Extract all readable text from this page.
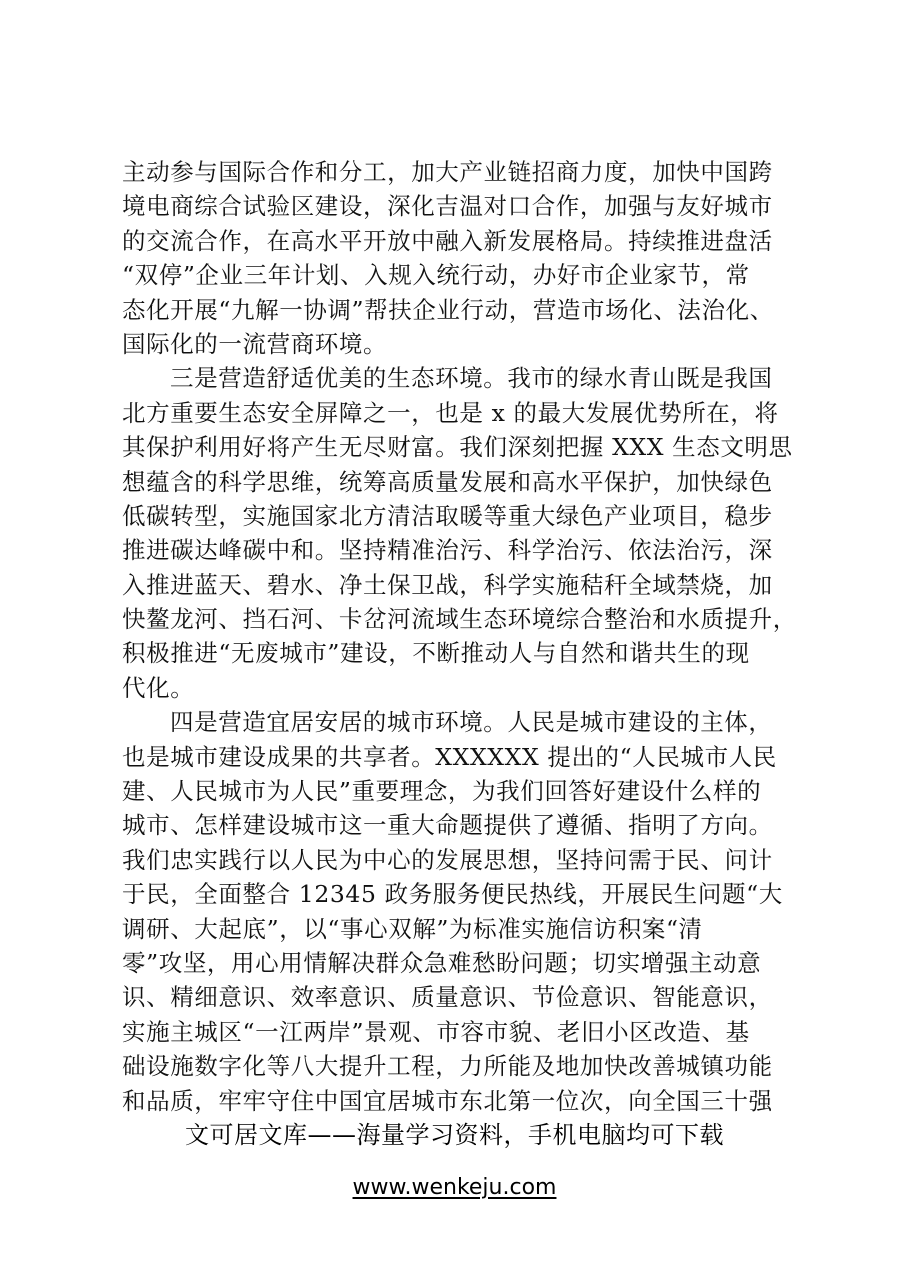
主动参与国际合作和分工，加大产业链招商力度，加快中国跨
境电商综合试验区建设，深化吉温对口合作，加强与友好城市
的交流合作，在高水平开放中融入新发展格局。持续推进盘活
“双停”企业三年计划、入规入统行动，办好市企业家节，常
态化开展“九解一协调”帮扶企业行动，营造市场化、法治化、
国际化的一流营商环境。
三是营造舒适优美的生态环境。我市的绿水青山既是我国
北方重要生态安全屏障之一，也是 x 的最大发展优势所在，将
其保护利用好将产生无尽财富。我们深刻把握 XXX 生态文明思
想蕴含的科学思维，统筹高质量发展和高水平保护，加快绿色
低碳转型，实施国家北方清洁取暖等重大绿色产业项目，稳步
推进碳达峰碳中和。坚持精准治污、科学治污、依法治污，深
入推进蓝天、碧水、净土保卫战，科学实施秸秆全域禁烧，加
快鳌龙河、挡石河、卡岔河流域生态环境综合整治和水质提升，
积极推进“无废城市”建设，不断推动人与自然和谐共生的现
代化。
四是营造宜居安居的城市环境。人民是城市建设的主体，
也是城市建设成果的共享者。XXXXXX 提出的“人民城市人民
建、人民城市为人民”重要理念，为我们回答好建设什么样的
城市、怎样建设城市这一重大命题提供了遵循、指明了方向。
我们忠实践行以人民为中心的发展思想，坚持问需于民、问计
于民，全面整合 12345 政务服务便民热线，开展民生问题“大
调研、大起底”，以“事心双解”为标准实施信访积案“清
零”攻坚，用心用情解决群众急难愁盼问题；切实增强主动意
识、精细意识、效率意识、质量意识、节俭意识、智能意识，
实施主城区“一江两岸”景观、市容市貌、老旧小区改造、基
础设施数字化等八大提升工程，力所能及地加快改善城镇功能
和品质，牢牢守住中国宜居城市东北第一位次，向全国三十强
文可居文库——海量学习资料，手机电脑均可下载
www.wenkeju.com
